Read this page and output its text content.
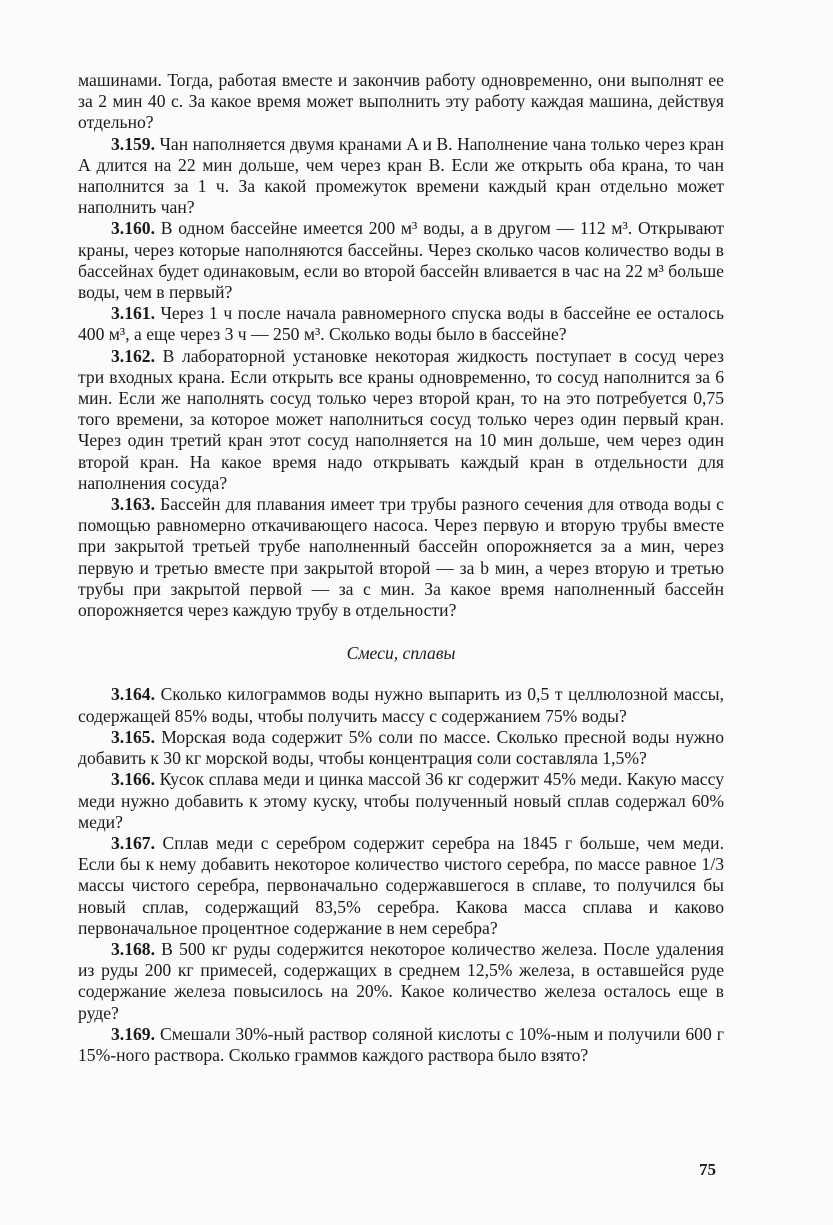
машинами. Тогда, работая вместе и закончив работу одновременно, они выполнят ее за 2 мин 40 с. За какое время может выполнить эту работу каждая машина, действуя отдельно?

3.159. Чан наполняется двумя кранами A и B. Наполнение чана только через кран A длится на 22 мин дольше, чем через кран B. Если же открыть оба крана, то чан наполнится за 1 ч. За какой промежуток времени каждый кран отдельно может наполнить чан?

3.160. В одном бассейне имеется 200 м³ воды, а в другом — 112 м³. Открывают краны, через которые наполняются бассейны. Через сколько часов количество воды в бассейнах будет одинаковым, если во второй бассейн вливается в час на 22 м³ больше воды, чем в первый?

3.161. Через 1 ч после начала равномерного спуска воды в бассейне ее осталось 400 м³, а еще через 3 ч — 250 м³. Сколько воды было в бассейне?

3.162. В лабораторной установке некоторая жидкость поступает в сосуд через три входных крана. Если открыть все краны одновременно, то сосуд наполнится за 6 мин. Если же наполнять сосуд только через второй кран, то на это потребуется 0,75 того времени, за которое может наполниться сосуд только через один первый кран. Через один третий кран этот сосуд наполняется на 10 мин дольше, чем через один второй кран. На какое время надо открывать каждый кран в отдельности для наполнения сосуда?

3.163. Бассейн для плавания имеет три трубы разного сечения для отвода воды с помощью равномерно откачивающего насоса. Через первую и вторую трубы вместе при закрытой третьей трубе наполненный бассейн опорожняется за a мин, через первую и третью вместе при закрытой второй — за b мин, а через вторую и третью трубы при закрытой первой — за c мин. За какое время наполненный бассейн опорожняется через каждую трубу в отдельности?

Смеси, сплавы

3.164. Сколько килограммов воды нужно выпарить из 0,5 т целлюлозной массы, содержащей 85% воды, чтобы получить массу с содержанием 75% воды?

3.165. Морская вода содержит 5% соли по массе. Сколько пресной воды нужно добавить к 30 кг морской воды, чтобы концентрация соли составляла 1,5%?

3.166. Кусок сплава меди и цинка массой 36 кг содержит 45% меди. Какую массу меди нужно добавить к этому куску, чтобы полученный новый сплав содержал 60% меди?

3.167. Сплав меди с серебром содержит серебра на 1845 г больше, чем меди. Если бы к нему добавить некоторое количество чистого серебра, по массе равное 1/3 массы чистого серебра, первоначально содержавшегося в сплаве, то получился бы новый сплав, содержащий 83,5% серебра. Какова масса сплава и каково первоначальное процентное содержание в нем серебра?

3.168. В 500 кг руды содержится некоторое количество железа. После удаления из руды 200 кг примесей, содержащих в среднем 12,5% железа, в оставшейся руде содержание железа повысилось на 20%. Какое количество железа осталось еще в руде?

3.169. Смешали 30%-ный раствор соляной кислоты с 10%-ным и получили 600 г 15%-ного раствора. Сколько граммов каждого раствора было взято?

75
